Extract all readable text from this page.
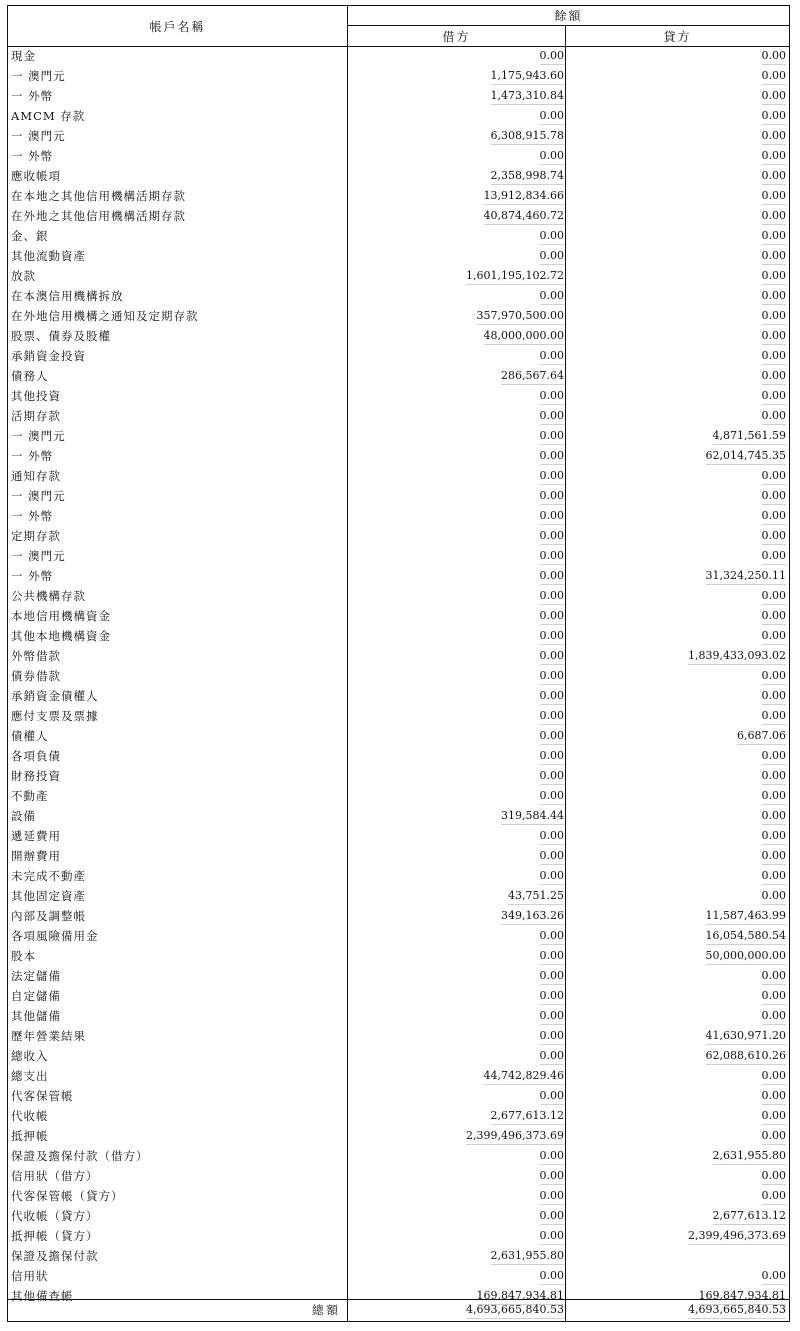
帳戶名稱
餘額
借方	貸方
現金	0.00	0.00
一 澳門元	1,175,943.60	0.00
一 外幣	1,473,310.84	0.00
AMCM 存款	0.00	0.00
一 澳門元	6,308,915.78	0.00
一 外幣	0.00	0.00
應收帳項	2,358,998.74	0.00
在本地之其他信用機構活期存款	13,912,834.66	0.00
在外地之其他信用機構活期存款	40,874,460.72	0.00
金、銀	0.00	0.00
其他流動資產	0.00	0.00
放款	1,601,195,102.72	0.00
在本澳信用機構拆放	0.00	0.00
在外地信用機構之通知及定期存款	357,970,500.00	0.00
股票、債券及股權	48,000,000.00	0.00
承銷資金投資	0.00	0.00
債務人	286,567.64	0.00
其他投資	0.00	0.00
活期存款	0.00	0.00
一 澳門元	0.00	4,871,561.59
一 外幣	0.00	62,014,745.35
通知存款	0.00	0.00
一 澳門元	0.00	0.00
一 外幣	0.00	0.00
定期存款	0.00	0.00
一 澳門元	0.00	0.00
一 外幣	0.00	31,324,250.11
公共機構存款	0.00	0.00
本地信用機構資金	0.00	0.00
其他本地機構資金	0.00	0.00
外幣借款	0.00	1,839,433,093.02
債券借款	0.00	0.00
承銷資金債權人	0.00	0.00
應付支票及票據	0.00	0.00
債權人	0.00	6,687.06
各項負債	0.00	0.00
財務投資	0.00	0.00
不動產	0.00	0.00
設備	319,584.44	0.00
遞延費用	0.00	0.00
開辦費用	0.00	0.00
未完成不動產	0.00	0.00
其他固定資產	43,751.25	0.00
內部及調整帳	349,163.26	11,587,463.99
各項風險備用金	0.00	16,054,580.54
股本	0.00	50,000,000.00
法定儲備	0.00	0.00
自定儲備	0.00	0.00
其他儲備	0.00	0.00
歷年營業結果	0.00	41,630,971.20
總收入	0.00	62,088,610.26
總支出	44,742,829.46	0.00
代客保管帳	0.00	0.00
代收帳	2,677,613.12	0.00
抵押帳	2,399,496,373.69	0.00
保證及擔保付款（借方）	0.00	2,631,955.80
信用狀（借方）	0.00	0.00
代客保管帳（貸方）	0.00	0.00
代收帳（貸方）	0.00	2,677,613.12
抵押帳（貸方）	0.00	2,399,496,373.69
保證及擔保付款	2,631,955.80
信用狀	0.00	0.00
其他備查帳	169,847,934.81	169,847,934.81
總額	4,693,665,840.53	4,693,665,840.53
